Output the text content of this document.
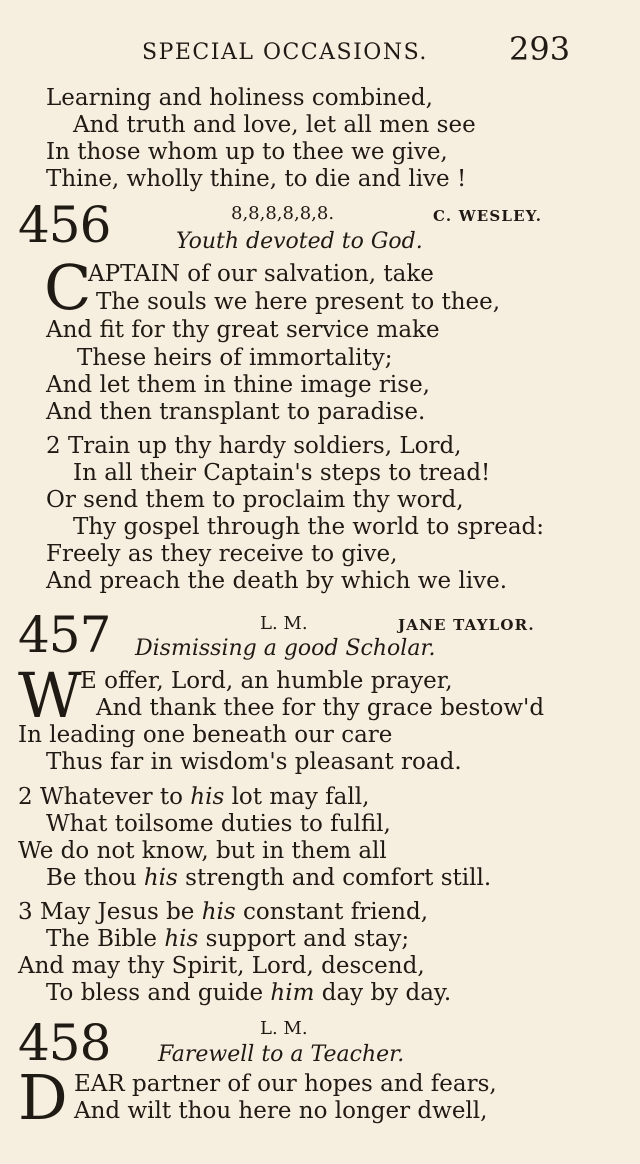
SPECIAL OCCASIONS.	293
Learning and holiness combined,
And truth and love, let all men see
In those whom up to thee we give,
Thine, wholly thine, to die and live !
456	8,8,8,8,8,8.	C. WESLEY.
Youth devoted to God.
C
APTAIN of our salvation, take
The souls we here present to thee,
And fit for thy great service make
These heirs of immortality;
And let them in thine image rise,
And then transplant to paradise.
2 Train up thy hardy soldiers, Lord,
In all their Captain's steps to tread!
Or send them to proclaim thy word,
Thy gospel through the world to spread:
Freely as they receive to give,
And preach the death by which we live.
457	L. M.	JANE TAYLOR.
Dismissing a good Scholar.
W
E offer, Lord, an humble prayer,
And thank thee for thy grace bestow'd
In leading one beneath our care
Thus far in wisdom's pleasant road.
2 Whatever to his lot may fall,
What toilsome duties to fulfil,
We do not know, but in them all
Be thou his strength and comfort still.
3 May Jesus be his constant friend,
The Bible his support and stay;
And may thy Spirit, Lord, descend,
To bless and guide him day by day.
458	L. M.
Farewell to a Teacher.
D EAR partner of our hopes and fears,
And wilt thou here no longer dwell,
